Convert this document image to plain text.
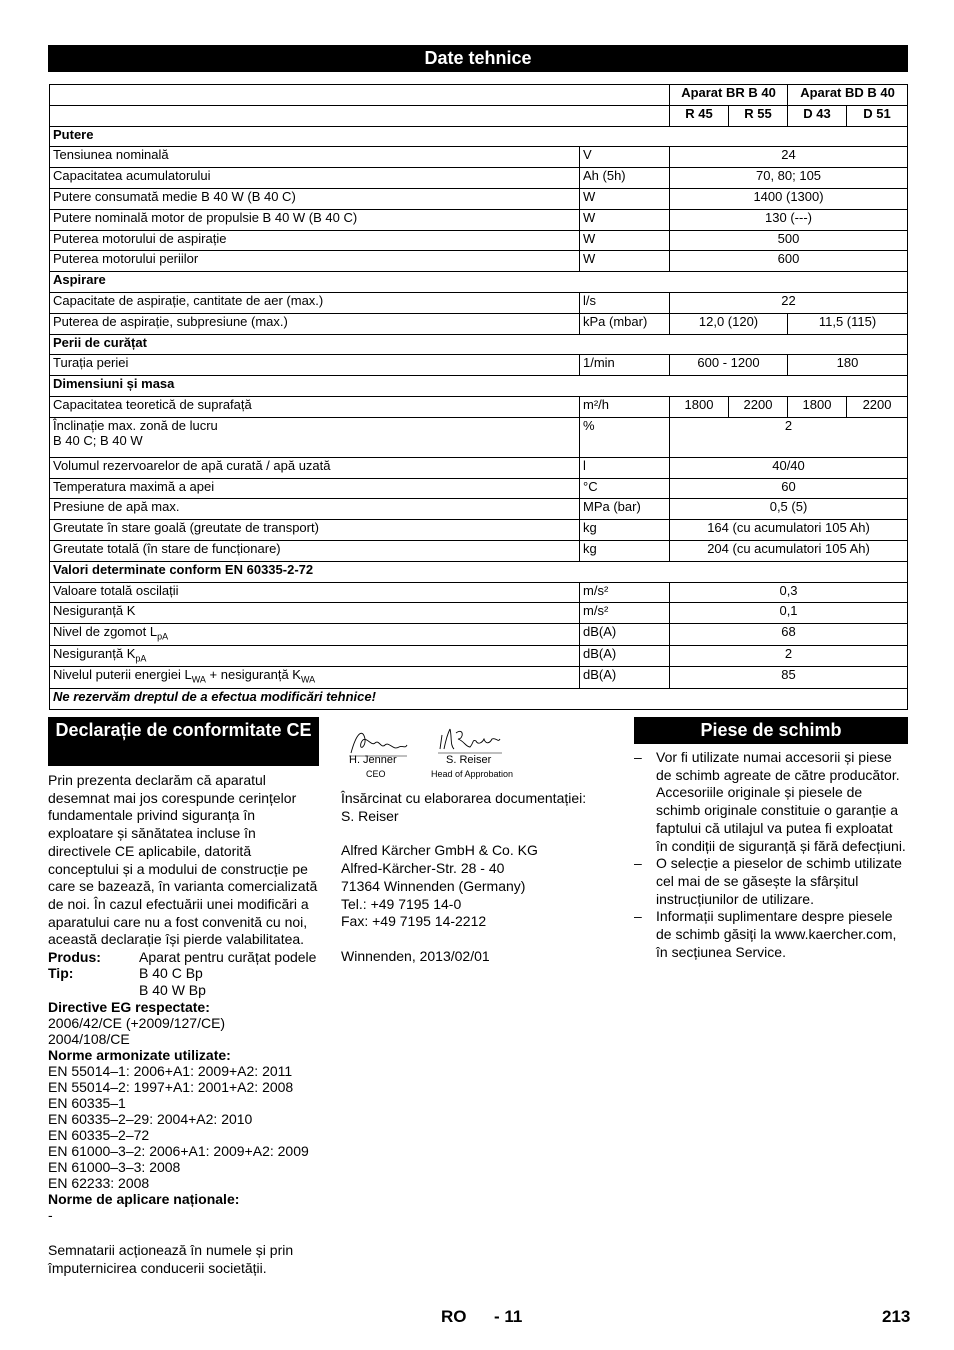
Date tehnice
		Aparat BR B 40		Aparat BD B 40	
		R 45	R 55	D 43	D 51
Putere					
Tensiunea nominală	V	24			
Capacitatea acumulatorului	Ah (5h)	70, 80; 105			
Putere consumată medie B 40 W (B 40 C)	W	1400 (1300)			
Putere nominală motor de propulsie B 40 W (B 40 C)	W	130 (---)			
Puterea motorului de aspirație	W	500			
Puterea motorului periilor	W	600			
Aspirare					
Capacitate de aspirație, cantitate de aer (max.)	l/s	22			
Puterea de aspirație, subpresiune (max.)	kPa (mbar)	12,0 (120)		11,5 (115)	
Perii de curățat					
Turația periei	1/min	600 - 1200		180	
Dimensiuni și masa					
Capacitatea teoretică de suprafață	m²/h	1800	2200	1800	2200
Înclinație max. zonă de lucru
B 40 C; B 40 W	%	2			
Volumul rezervoarelor de apă curată / apă uzată	l	40/40			
Temperatura maximă a apei	°C	60			
Presiune de apă max.	MPa (bar)	0,5 (5)			
Greutate în stare goală (greutate de transport)	kg	164 (cu acumulatori 105 Ah)			
Greutate totală (în stare de funcționare)	kg	204 (cu acumulatori 105 Ah)			
Valori determinate conform EN 60335-2-72					
Valoare totală oscilații	m/s²	0,3			
Nesiguranță K	m/s²	0,1			
Nivel de zgomot $L_{pA}$	dB(A)	68			
Nesiguranță $K_{pA}$	dB(A)	2			
Nivelul puterii energiei $L_{WA}$ + nesiguranță $K_{WA}$	dB(A)	85			
Ne rezervăm dreptul de a efectua modificări tehnice!					
Declarație de conformitate CE
Prin prezenta declarăm că aparatul desemnat mai jos corespunde cerințelor fundamentale privind siguranța în exploatare și sănătatea incluse în directivele CE aplicabile, datorită conceptului și a modului de construcție pe care se bazează, în varianta comercializată de noi. În cazul efectuării unei modificări a aparatului care nu a fost convenită cu noi, această declarație își pierde valabilitatea.
Produs:	Aparat pentru curățat podele
Tip:	B 40 C Bp
B 40 W Bp
Directive EG respectate:
2006/42/CE (+2009/127/CE)
2004/108/CE
Norme armonizate utilizate:
EN 55014–1: 2006+A1: 2009+A2: 2011
EN 55014–2: 1997+A1: 2001+A2: 2008
EN 60335–1
EN 60335–2–29: 2004+A2: 2010
EN 60335–2–72
EN 61000–3–2: 2006+A1: 2009+A2: 2009
EN 61000–3–3: 2008
EN 62233: 2008
Norme de aplicare naționale:
-
Semnatarii acționează în numele și prin împuternicirea conducerii societății.
H. Jenner
CEO
S. Reiser
Head of Approbation
Însărcinat cu elaborarea documentației:
S. Reiser
Alfred Kärcher GmbH & Co. KG
Alfred-Kärcher-Str. 28 - 40
71364 Winnenden (Germany)
Tel.: +49 7195 14-0
Fax: +49 7195 14-2212
Winnenden, 2013/02/01
Piese de schimb
– Vor fi utilizate numai accesorii și piese de schimb agreate de către producător. Accesoriile originale și piesele de schimb originale constituie o garanție a faptului că utilajul va putea fi exploatat în condiții de siguranță și fără defecțiuni.
– O selecție a pieselor de schimb utilizate cel mai de se găsește la sfârșitul instrucțiunilor de utilizare.
– Informații suplimentare despre piesele de schimb găsiți la www.kaercher.com, în secțiunea Service.
RO - 11	213
